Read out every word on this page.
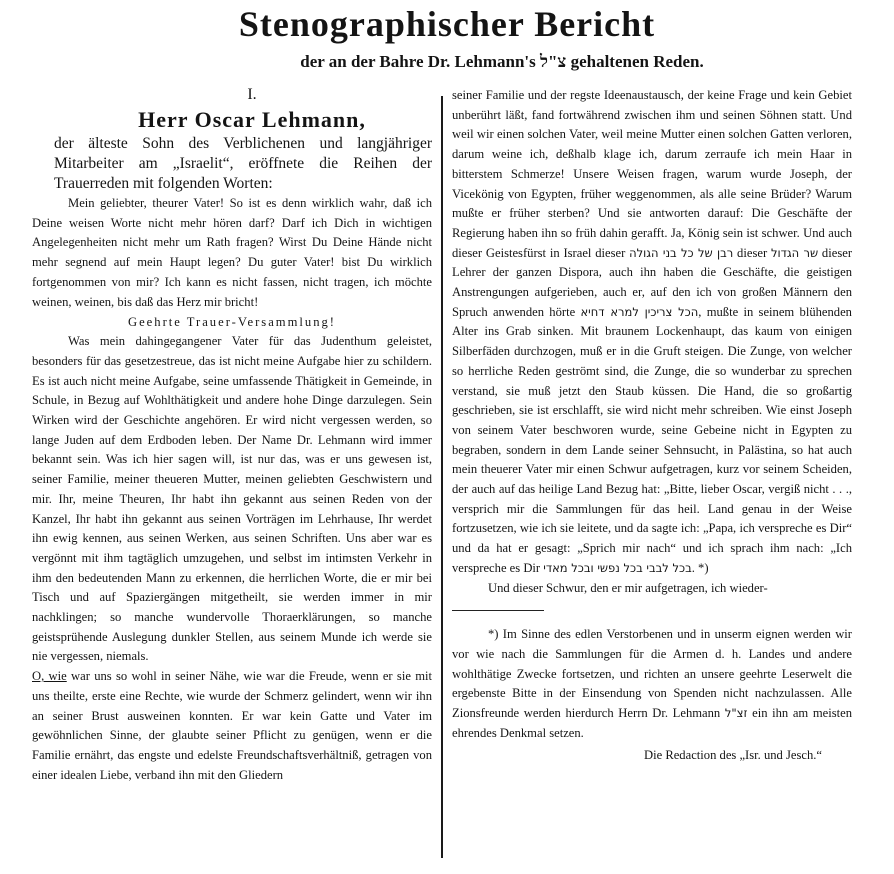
Stenographischer Bericht
der an der Bahre Dr. Lehmann's צ"ל gehaltenen Reden.
I.
Herr Oscar Lehmann,
der älteste Sohn des Verblichenen und langjähriger Mitarbeiter am „Israelit“, eröffnete die Reihen der Trauerreden mit folgenden Worten:

Mein geliebter, theurer Vater! So ist es denn wirklich wahr, daß ich Deine weisen Worte nicht mehr hören darf? Darf ich Dich in wichtigen Angelegenheiten nicht mehr um Rath fragen? Wirst Du Deine Hände nicht mehr segnend auf mein Haupt legen? Du guter Vater! bist Du wirklich fortgenommen von mir? Ich kann es nicht fassen, nicht tragen, ich möchte weinen, weinen, bis daß das Herz mir bricht!

Geehrte Trauer-Versammlung!

Was mein dahingegangener Vater für das Judenthum geleistet, besonders für das gesetzestreue, das ist nicht meine Aufgabe hier zu schildern. Es ist auch nicht meine Aufgabe, seine umfassende Thätigkeit in Gemeinde, in Schule, in Bezug auf Wohlthätigkeit und andere hohe Dinge darzulegen. Sein Wirken wird der Geschichte angehören. Er wird nicht vergessen werden, so lange Juden auf dem Erdboden leben. Der Name Dr. Lehmann wird immer bekannt sein. Was ich hier sagen will, ist nur das, was er uns gewesen ist, seiner Familie, meiner theueren Mutter, meinen geliebten Geschwistern und mir. Ihr, meine Theuren, Ihr habt ihn gekannt aus seinen Reden von der Kanzel, Ihr habt ihn gekannt aus seinen Vorträgen im Lehrhause, Ihr werdet ihn ewig kennen, aus seinen Werken, aus seinen Schriften. Uns aber war es vergönnt mit ihm tagtäglich umzugehen, und selbst im intimsten Verkehr in ihm den bedeutenden Mann zu erkennen, die herrlichen Worte, die er mir bei Tisch und auf Spaziergängen mitgetheilt, sie werden immer in mir nachklingen; so manche wundervolle Thoraerklärungen, so manche geistsprühende Auslegung dunkler Stellen, aus seinem Munde ich werde sie nie vergessen, niemals.

O, wie war uns so wohl in seiner Nähe, wie war die Freude, wenn er sie mit uns theilte, erste eine Rechte, wie wurde der Schmerz gelindert, wenn wir ihn an seiner Brust ausweinen konnten. Er war kein Gatte und Vater im gewöhnlichen Sinne, der glaubte seiner Pflicht zu genügen, wenn er die Familie ernährt, das engste und edelste Freundschaftsverhältniß, getragen von einer idealen Liebe, verband ihn mit den Gliedern

seiner Familie und der regste Ideenaustausch, der keine Frage und kein Gebiet unberührt läßt, fand fortwährend zwischen ihm und seinen Söhnen statt. Und weil wir einen solchen Vater, weil meine Mutter einen solchen Gatten verloren, darum weine ich, deßhalb klage ich, darum zerraufe ich mein Haar in bitterstem Schmerze! Unsere Weisen fragen, warum wurde Joseph, der Vicekönig von Egypten, früher weggenommen, als alle seine Brüder? Warum mußte er früher sterben? Und sie antworten darauf: Die Geschäfte der Regierung haben ihn so früh dahin gerafft. Ja, König sein ist schwer. Und auch dieser Geistesfürst in Israel dieser רבן של כל בני הגולה dieser שר הגדול dieser Lehrer der ganzen Dispora, auch ihn haben die Geschäfte, die geistigen Anstrengungen aufgerieben, auch er, auf den ich von großen Männern den Spruch anwenden hörte הכל צריכין למרא דחיא, mußte in seinem blühenden Alter ins Grab sinken. Mit braunem Lockenhaupt, das kaum von einigen Silberfäden durchzogen, muß er in die Gruft steigen. Die Zunge, von welcher so herrliche Reden geströmt sind, die Zunge, die so wunderbar zu sprechen verstand, sie muß jetzt den Staub küssen. Die Hand, die so großartig geschrieben, sie ist erschlafft, sie wird nicht mehr schreiben. Wie einst Joseph von seinem Vater beschworen wurde, seine Gebeine nicht in Egypten zu begraben, sondern in dem Lande seiner Sehnsucht, in Palästina, so hat auch mein theuerer Vater mir einen Schwur aufgetragen, kurz vor seinem Scheiden, der auch auf das heilige Land Bezug hat: „Bitte, lieber Oscar, vergiß nicht . . ., versprich mir die Sammlungen für das heil. Land genau in der Weise fortzusetzen, wie ich sie leitete, und da sagte ich: „Papa, ich verspreche es Dir“ und da hat er gesagt: „Sprich mir nach“ und ich sprach ihm nach: „Ich verspreche es Dir בכל לבבי בכל נפשי ובכל מאדי. *)

Und dieser Schwur, den er mir aufgetragen, ich wieder-

*) Im Sinne des edlen Verstorbenen und in unserm eignen werden wir vor wie nach die Sammlungen für die Armen d. h. Landes und andere wohlthätige Zwecke fortsetzen, und richten an unsere geehrte Leserwelt die ergebenste Bitte in der Einsendung von Spenden nicht nachzulassen. Alle Zionsfreunde werden hierdurch Herrn Dr. Lehmann זצ"ל ein ihn am meisten ehrendes Denkmal setzen.

Die Redaction des „Isr. und Jesch.“
